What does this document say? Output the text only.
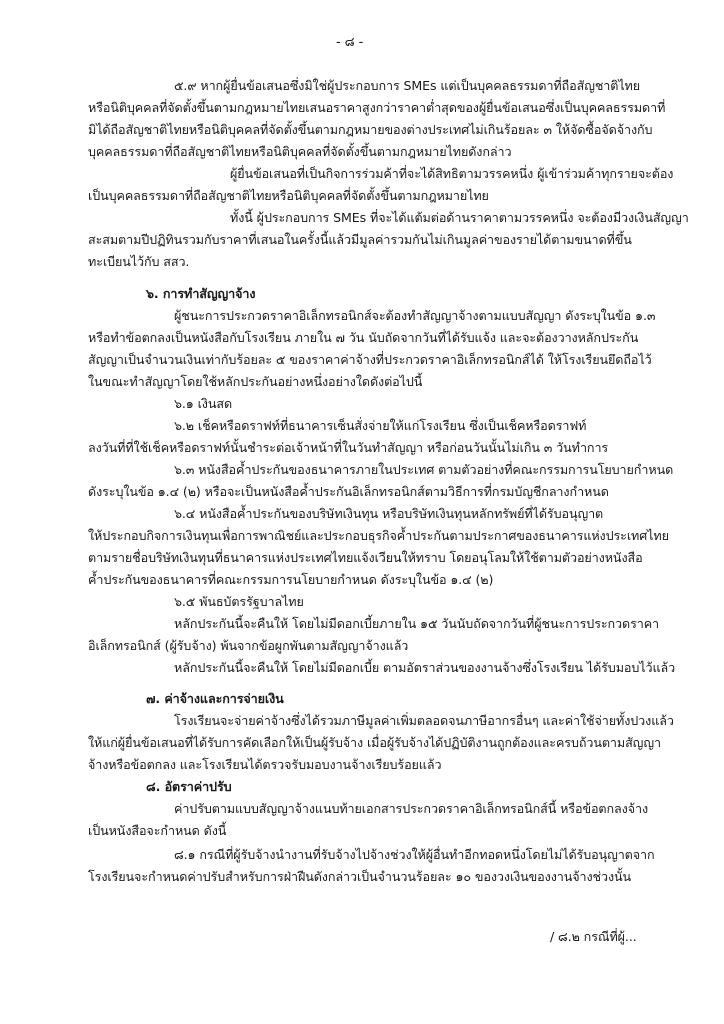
- ๘ -
๕.๙ หากผู้ยื่นข้อเสนอซึ่งมิใช่ผู้ประกอบการ SMEs แต่เป็นบุคคลธรรมดาที่ถือสัญชาติไทย
หรือนิติบุคคลที่จัดตั้งขึ้นตามกฎหมายไทยเสนอราคาสูงกว่าราคาต่ำสุดของผู้ยื่นข้อเสนอซึ่งเป็นบุคคลธรรมดาที่
มิได้ถือสัญชาติไทยหรือนิติบุคคลที่จัดตั้งขึ้นตามกฎหมายของต่างประเทศไม่เกินร้อยละ ๓ ให้จัดซื้อจัดจ้างกับ
บุคคลธรรมดาที่ถือสัญชาติไทยหรือนิติบุคคลที่จัดตั้งขึ้นตามกฎหมายไทยดังกล่าว
ผู้ยื่นข้อเสนอที่เป็นกิจการร่วมค้าที่จะได้สิทธิตามวรรคหนึ่ง ผู้เข้าร่วมค้าทุกรายจะต้อง
เป็นบุคคลธรรมดาที่ถือสัญชาติไทยหรือนิติบุคคลที่จัดตั้งขึ้นตามกฎหมายไทย
ทั้งนี้ ผู้ประกอบการ SMEs ที่จะได้แต้มต่อด้านราคาตามวรรคหนึ่ง จะต้องมีวงเงินสัญญา
สะสมตามปีปฏิทินรวมกับราคาที่เสนอในครั้งนี้แล้วมีมูลค่ารวมกันไม่เกินมูลค่าของรายได้ตามขนาดที่ขึ้น
ทะเบียนไว้กับ สสว.
๖. การทำสัญญาจ้าง
ผู้ชนะการประกวดราคาอิเล็กทรอนิกส์จะต้องทำสัญญาจ้างตามแบบสัญญา ดังระบุในข้อ ๑.๓
หรือทำข้อตกลงเป็นหนังสือกับโรงเรียน ภายใน ๗ วัน นับถัดจากวันที่ได้รับแจ้ง และจะต้องวางหลักประกัน
สัญญาเป็นจำนวนเงินเท่ากับร้อยละ ๕ ของราคาค่าจ้างที่ประกวดราคาอิเล็กทรอนิกส์ได้ ให้โรงเรียนยึดถือไว้
ในขณะทำสัญญาโดยใช้หลักประกันอย่างหนึ่งอย่างใดดังต่อไปนี้
๖.๑ เงินสด
๖.๒ เช็คหรือดราฟท์ที่ธนาคารเซ็นสั่งจ่ายให้แก่โรงเรียน ซึ่งเป็นเช็คหรือดราฟท์
ลงวันที่ที่ใช้เช็คหรือดราฟท์นั้นชำระต่อเจ้าหน้าที่ในวันทำสัญญา หรือก่อนวันนั้นไม่เกิน ๓ วันทำการ
๖.๓ หนังสือค้ำประกันของธนาคารภายในประเทศ ตามตัวอย่างที่คณะกรรมการนโยบายกำหนด
ดังระบุในข้อ ๑.๔ (๒) หรือจะเป็นหนังสือค้ำประกันอิเล็กทรอนิกส์ตามวิธีการที่กรมบัญชีกลางกำหนด
๖.๔ หนังสือค้ำประกันของบริษัทเงินทุน หรือบริษัทเงินทุนหลักทรัพย์ที่ได้รับอนุญาต
ให้ประกอบกิจการเงินทุนเพื่อการพาณิชย์และประกอบธุรกิจค้ำประกันตามประกาศของธนาคารแห่งประเทศไทย
ตามรายชื่อบริษัทเงินทุนที่ธนาคารแห่งประเทศไทยแจ้งเวียนให้ทราบ โดยอนุโลมให้ใช้ตามตัวอย่างหนังสือ
ค้ำประกันของธนาคารที่คณะกรรมการนโยบายกำหนด ดังระบุในข้อ ๑.๔ (๒)
๖.๕ พันธบัตรรัฐบาลไทย
หลักประกันนี้จะคืนให้ โดยไม่มีดอกเบี้ยภายใน ๑๕ วันนับถัดจากวันที่ผู้ชนะการประกวดราคา
อิเล็กทรอนิกส์ (ผู้รับจ้าง) พ้นจากข้อผูกพันตามสัญญาจ้างแล้ว
หลักประกันนี้จะคืนให้ โดยไม่มีดอกเบี้ย ตามอัตราส่วนของงานจ้างซึ่งโรงเรียน ได้รับมอบไว้แล้ว
๗. ค่าจ้างและการจ่ายเงิน
โรงเรียนจะจ่ายค่าจ้างซึ่งได้รวมภาษีมูลค่าเพิ่มตลอดจนภาษีอากรอื่นๆ และค่าใช้จ่ายทั้งปวงแล้ว
ให้แก่ผู้ยื่นข้อเสนอที่ได้รับการคัดเลือกให้เป็นผู้รับจ้าง เมื่อผู้รับจ้างได้ปฏิบัติงานถูกต้องและครบถ้วนตามสัญญา
จ้างหรือข้อตกลง และโรงเรียนได้ตรวจรับมอบงานจ้างเรียบร้อยแล้ว
๘. อัตราค่าปรับ
ค่าปรับตามแบบสัญญาจ้างแนบท้ายเอกสารประกวดราคาอิเล็กทรอนิกส์นี้ หรือข้อตกลงจ้าง
เป็นหนังสือจะกำหนด ดังนี้
๘.๑ กรณีที่ผู้รับจ้างนำงานที่รับจ้างไปจ้างช่วงให้ผู้อื่นทำอีกทอดหนึ่งโดยไม่ได้รับอนุญาตจาก
โรงเรียนจะกำหนดค่าปรับสำหรับการฝ่าฝืนดังกล่าวเป็นจำนวนร้อยละ ๑๐ ของวงเงินของงานจ้างช่วงนั้น
/ ๘.๒ กรณีที่ผู้...
